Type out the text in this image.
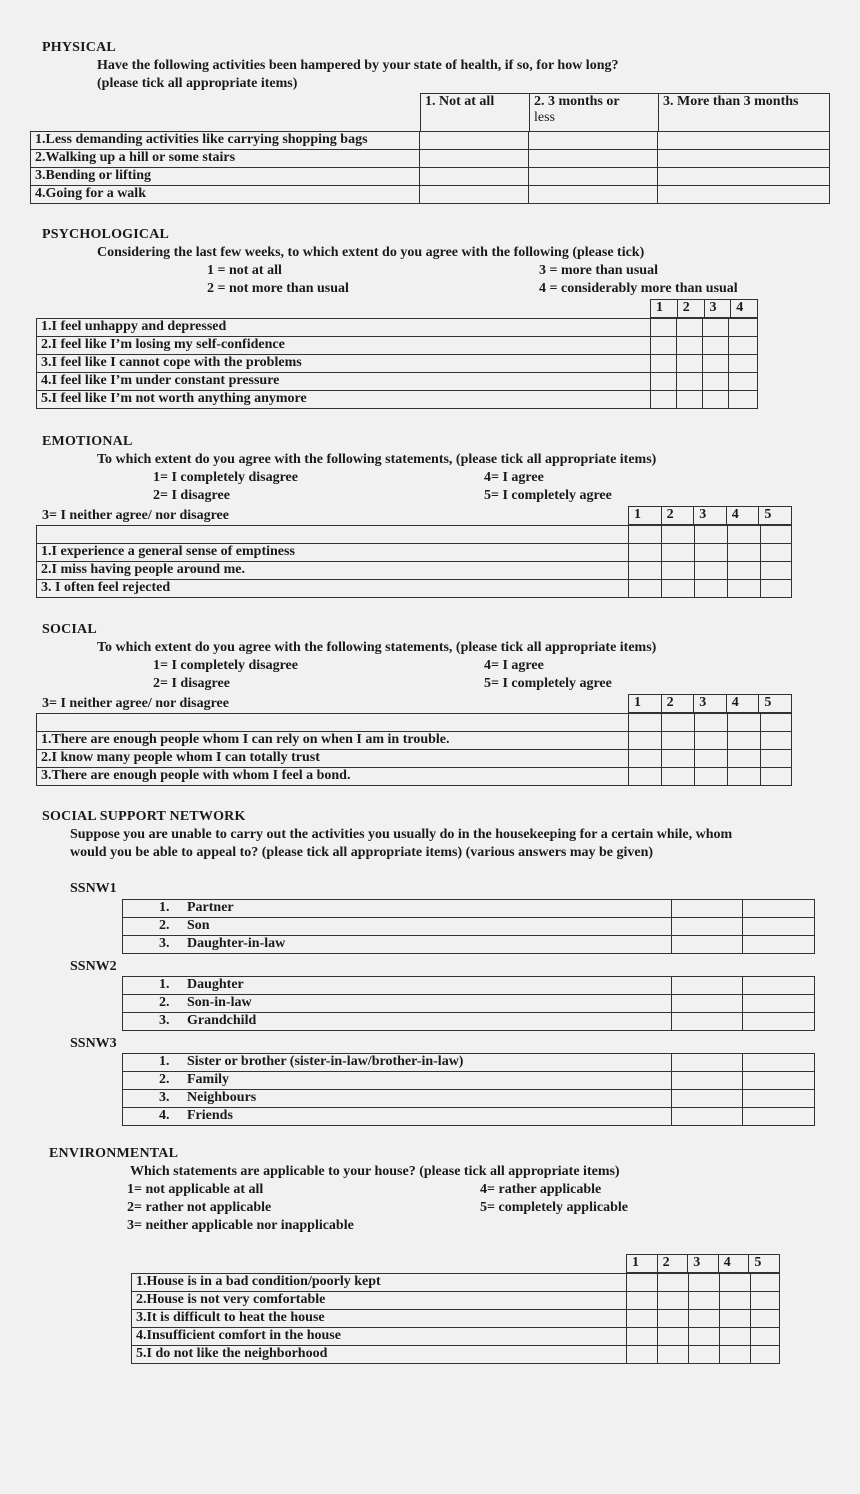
PHYSICAL
Have the following activities been hampered by your state of health, if so, for how long?
(please tick all appropriate items)
1. Not at all	2. 3 months or
less	3. More than 3 months
1.Less demanding activities like carrying shopping bags			
2.Walking up a hill or some stairs			
3.Bending or lifting			
4.Going for a walk			
PSYCHOLOGICAL
Considering the last few weeks, to which extent do you agree with the following (please tick)
1 = not at all
2 = not more than usual
3 = more than usual
4 = considerably more than usual
1	2	3	4
1.I feel unhappy and depressed				
2.I feel like I’m losing my self-confidence				
3.I feel like I cannot cope with the problems				
4.I feel like I’m under constant pressure				
5.I feel like I’m not worth anything anymore				
EMOTIONAL
To which extent do you agree with the following statements, (please tick all appropriate items)
1= I completely disagree
2= I disagree
3= I neither agree/ nor disagree
4= I agree
5= I completely agree
1	2	3	4	5

1.I experience a general sense of emptiness					
2.I miss having people around me.					
3. I often feel rejected					
SOCIAL
To which extent do you agree with the following statements, (please tick all appropriate items)
1= I completely disagree
2= I disagree
3= I neither agree/ nor disagree
4= I agree
5= I completely agree
1	2	3	4	5

1.There are enough people whom I can rely on when I am in trouble.					
2.I know many people whom I can totally trust					
3.There are enough people with whom I feel a bond.					
SOCIAL SUPPORT NETWORK
Suppose you are unable to carry out the activities you usually do in the housekeeping for a certain while, whom
would you be able to appeal to? (please tick all appropriate items) (various answers may be given)
SSNW1
1.	Partner		
2.	Son		
3.	Daughter-in-law		
SSNW2
1.	Daughter		
2.	Son-in-law		
3.	Grandchild		
SSNW3
1.	Sister or brother (sister-in-law/brother-in-law)		
2.	Family		
3.	Neighbours		
4.	Friends		
ENVIRONMENTAL
Which statements are applicable to your house? (please tick all appropriate items)
1= not applicable at all
2= rather not applicable
3= neither applicable nor inapplicable
4= rather applicable
5= completely applicable
1	2	3	4	5
1.House is in a bad condition/poorly kept					
2.House is not very comfortable					
3.It is difficult to heat the house					
4.Insufficient comfort in the house					
5.I do not like the neighborhood					
